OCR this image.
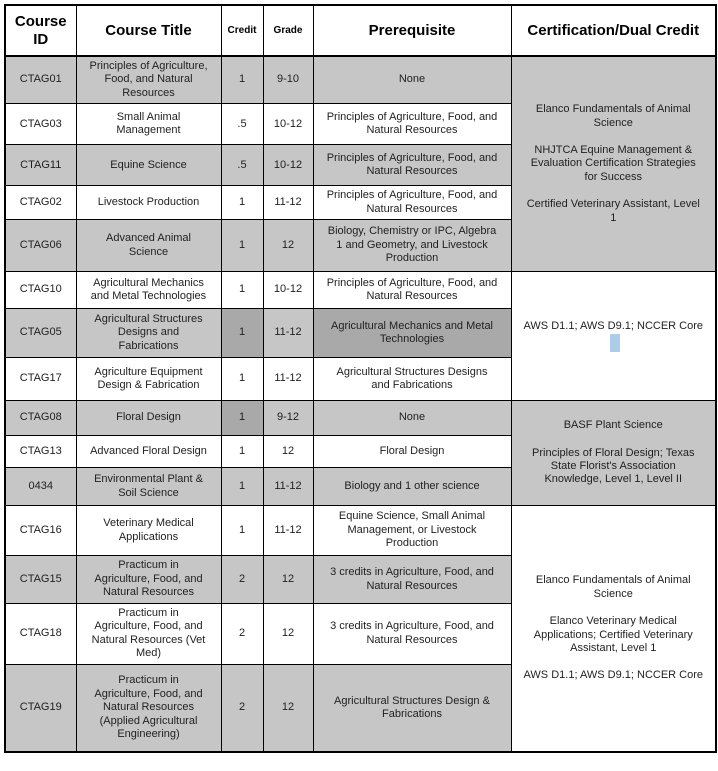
Course ID	Course Title	Credit	Grade	Prerequisite	Certification/Dual Credit
CTAG01	Principles of Agriculture, Food, and Natural Resources	1	9-10	None	Elanco Fundamentals of Animal Science
NHJTCA Equine Management & Evaluation Certification Strategies for Success
Certified Veterinary Assistant, Level 1

CTAG03	Small Animal Management	.5	10-12	Principles of Agriculture, Food, and Natural Resources	
CTAG11	Equine Science	.5	10-12	Principles of Agriculture, Food, and Natural Resources	
CTAG02	Livestock Production	1	11-12	Principles of Agriculture, Food, and Natural Resources	
CTAG06	Advanced Animal Science	1	12	Biology, Chemistry or IPC, Algebra 1 and Geometry, and Livestock Production	
CTAG10	Agricultural Mechanics and Metal Technologies	1	10-12	Principles of Agriculture, Food, and Natural Resources	AWS D1.1; AWS D9.1; NCCER Core

CTAG05	Agricultural Structures Designs and Fabrications	1	11-12	Agricultural Mechanics and Metal Technologies	
CTAG17	Agriculture Equipment Design & Fabrication	1	11-12	Agricultural Structures Designs and Fabrications	
CTAG08	Floral Design	1	9-12	None	BASF Plant Science
Principles of Floral Design; Texas State Florist's Association Knowledge, Level 1, Level II

CTAG13	Advanced Floral Design	1	12	Floral Design	
0434	Environmental Plant & Soil Science	1	11-12	Biology and 1 other science	
CTAG16	Veterinary Medical Applications	1	11-12	Equine Science, Small Animal Management, or Livestock Production	Elanco Fundamentals of Animal Science
Elanco Veterinary Medical Applications; Certified Veterinary Assistant, Level 1
AWS D1.1; AWS D9.1; NCCER Core

CTAG15	Practicum in Agriculture, Food, and Natural Resources	2	12	3 credits in Agriculture, Food, and Natural Resources	
CTAG18	Practicum in Agriculture, Food, and Natural Resources (Vet Med)	2	12	3 credits in Agriculture, Food, and Natural Resources	
CTAG19	Practicum in Agriculture, Food, and Natural Resources (Applied Agricultural Engineering)	2	12	Agricultural Structures Design & Fabrications	
